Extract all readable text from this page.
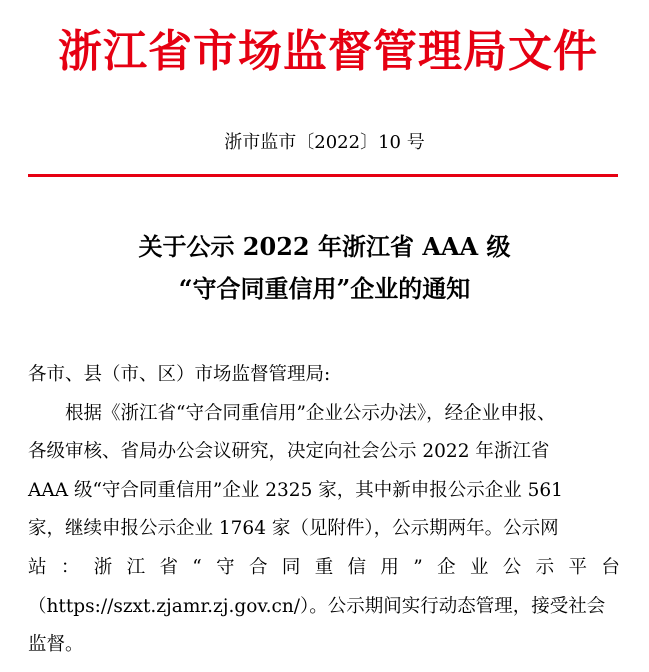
浙江省市场监督管理局文件
浙市监市〔2022〕10 号
关于公示 2022 年浙江省 AAA 级
“守合同重信用”企业的通知
各市、县（市、区）市场监督管理局:
根据《浙江省“守合同重信用”企业公示办法》，经企业申报、
各级审核、省局办公会议研究，决定向社会公示 2022 年浙江省
AAA 级“守合同重信用”企业 2325 家，其中新申报公示企业 561
家，继续申报公示企业 1764 家（见附件），公示期两年。公示网
站 ： 浙 江 省 “ 守 合 同 重 信 用 ” 企 业 公 示 平 台
（https://szxt.zjamr.zj.gov.cn/）。公示期间实行动态管理，接受社会
监督。
